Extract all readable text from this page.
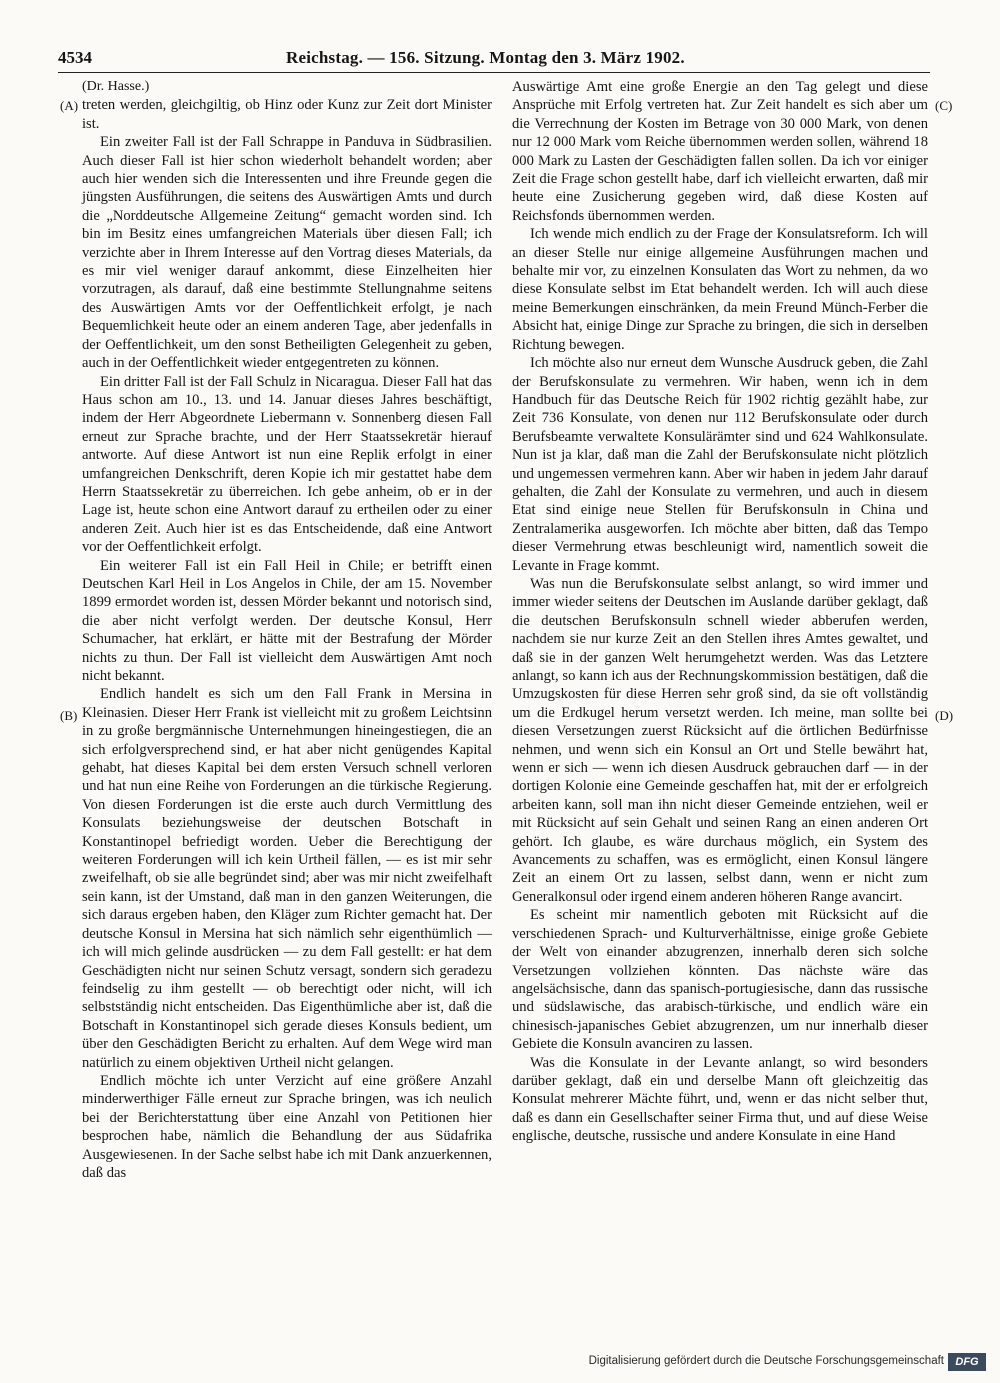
4534	Reichstag. — 156. Sitzung. Montag den 3. März 1902.
(A)
(B)
(C)
(D)
(Dr. Hasse.)

treten werden, gleichgiltig, ob Hinz oder Kunz zur Zeit dort Minister ist.

Ein zweiter Fall ist der Fall Schrappe in Panduva in Südbrasilien. Auch dieser Fall ist hier schon wiederholt behandelt worden; aber auch hier wenden sich die Interessenten und ihre Freunde gegen die jüngsten Ausführungen, die seitens des Auswärtigen Amts und durch die „Norddeutsche Allgemeine Zeitung“ gemacht worden sind. Ich bin im Besitz eines umfangreichen Materials über diesen Fall; ich verzichte aber in Ihrem Interesse auf den Vortrag dieses Materials, da es mir viel weniger darauf ankommt, diese Einzelheiten hier vorzutragen, als darauf, daß eine bestimmte Stellungnahme seitens des Auswärtigen Amts vor der Oeffentlichkeit erfolgt, je nach Bequemlichkeit heute oder an einem anderen Tage, aber jedenfalls in der Oeffentlichkeit, um den sonst Betheiligten Gelegenheit zu geben, auch in der Oeffentlichkeit wieder entgegentreten zu können.

Ein dritter Fall ist der Fall Schulz in Nicaragua. Dieser Fall hat das Haus schon am 10., 13. und 14. Januar dieses Jahres beschäftigt, indem der Herr Abgeordnete Liebermann v. Sonnenberg diesen Fall erneut zur Sprache brachte, und der Herr Staatssekretär hierauf antworte. Auf diese Antwort ist nun eine Replik erfolgt in einer umfangreichen Denkschrift, deren Kopie ich mir gestattet habe dem Herrn Staatssekretär zu überreichen. Ich gebe anheim, ob er in der Lage ist, heute schon eine Antwort darauf zu ertheilen oder zu einer anderen Zeit. Auch hier ist es das Entscheidende, daß eine Antwort vor der Oeffentlichkeit erfolgt.

Ein weiterer Fall ist ein Fall Heil in Chile; er betrifft einen Deutschen Karl Heil in Los Angelos in Chile, der am 15. November 1899 ermordet worden ist, dessen Mörder bekannt und notorisch sind, die aber nicht verfolgt werden. Der deutsche Konsul, Herr Schumacher, hat erklärt, er hätte mit der Bestrafung der Mörder nichts zu thun. Der Fall ist vielleicht dem Auswärtigen Amt noch nicht bekannt.

Endlich handelt es sich um den Fall Frank in Mersina in Kleinasien. Dieser Herr Frank ist vielleicht mit zu großem Leichtsinn in zu große bergmännische Unternehmungen hineingestiegen, die an sich erfolgversprechend sind, er hat aber nicht genügendes Kapital gehabt, hat dieses Kapital bei dem ersten Versuch schnell verloren und hat nun eine Reihe von Forderungen an die türkische Regierung. Von diesen Forderungen ist die erste auch durch Vermittlung des Konsulats beziehungsweise der deutschen Botschaft in Konstantinopel befriedigt worden. Ueber die Berechtigung der weiteren Forderungen will ich kein Urtheil fällen, — es ist mir sehr zweifelhaft, ob sie alle begründet sind; aber was mir nicht zweifelhaft sein kann, ist der Umstand, daß man in den ganzen Weiterungen, die sich daraus ergeben haben, den Kläger zum Richter gemacht hat. Der deutsche Konsul in Mersina hat sich nämlich sehr eigenthümlich — ich will mich gelinde ausdrücken — zu dem Fall gestellt: er hat dem Geschädigten nicht nur seinen Schutz versagt, sondern sich geradezu feindselig zu ihm gestellt — ob berechtigt oder nicht, will ich selbstständig nicht entscheiden. Das Eigenthümliche aber ist, daß die Botschaft in Konstantinopel sich gerade dieses Konsuls bedient, um über den Geschädigten Bericht zu erhalten. Auf dem Wege wird man natürlich zu einem objektiven Urtheil nicht gelangen.

Endlich möchte ich unter Verzicht auf eine größere Anzahl minderwerthiger Fälle erneut zur Sprache bringen, was ich neulich bei der Berichterstattung über eine Anzahl von Petitionen hier besprochen habe, nämlich die Behandlung der aus Südafrika Ausgewiesenen. In der Sache selbst habe ich mit Dank anzuerkennen, daß das

Auswärtige Amt eine große Energie an den Tag gelegt und diese Ansprüche mit Erfolg vertreten hat. Zur Zeit handelt es sich aber um die Verrechnung der Kosten im Betrage von 30 000 Mark, von denen nur 12 000 Mark vom Reiche übernommen werden sollen, während 18 000 Mark zu Lasten der Geschädigten fallen sollen. Da ich vor einiger Zeit die Frage schon gestellt habe, darf ich vielleicht erwarten, daß mir heute eine Zusicherung gegeben wird, daß diese Kosten auf Reichsfonds übernommen werden.

Ich wende mich endlich zu der Frage der Konsulatsreform. Ich will an dieser Stelle nur einige allgemeine Ausführungen machen und behalte mir vor, zu einzelnen Konsulaten das Wort zu nehmen, da wo diese Konsulate selbst im Etat behandelt werden. Ich will auch diese meine Bemerkungen einschränken, da mein Freund Münch-Ferber die Absicht hat, einige Dinge zur Sprache zu bringen, die sich in derselben Richtung bewegen.

Ich möchte also nur erneut dem Wunsche Ausdruck geben, die Zahl der Berufskonsulate zu vermehren. Wir haben, wenn ich in dem Handbuch für das Deutsche Reich für 1902 richtig gezählt habe, zur Zeit 736 Konsulate, von denen nur 112 Berufskonsulate oder durch Berufsbeamte verwaltete Konsulärämter sind und 624 Wahlkonsulate. Nun ist ja klar, daß man die Zahl der Berufskonsulate nicht plötzlich und ungemessen vermehren kann. Aber wir haben in jedem Jahr darauf gehalten, die Zahl der Konsulate zu vermehren, und auch in diesem Etat sind einige neue Stellen für Berufskonsuln in China und Zentralamerika ausgeworfen. Ich möchte aber bitten, daß das Tempo dieser Vermehrung etwas beschleunigt wird, namentlich soweit die Levante in Frage kommt.

Was nun die Berufskonsulate selbst anlangt, so wird immer und immer wieder seitens der Deutschen im Auslande darüber geklagt, daß die deutschen Berufskonsuln schnell wieder abberufen werden, nachdem sie nur kurze Zeit an den Stellen ihres Amtes gewaltet, und daß sie in der ganzen Welt herumgehetzt werden. Was das Letztere anlangt, so kann ich aus der Rechnungskommission bestätigen, daß die Umzugskosten für diese Herren sehr groß sind, da sie oft vollständig um die Erdkugel herum versetzt werden. Ich meine, man sollte bei diesen Versetzungen zuerst Rücksicht auf die örtlichen Bedürfnisse nehmen, und wenn sich ein Konsul an Ort und Stelle bewährt hat, wenn er sich — wenn ich diesen Ausdruck gebrauchen darf — in der dortigen Kolonie eine Gemeinde geschaffen hat, mit der er erfolgreich arbeiten kann, soll man ihn nicht dieser Gemeinde entziehen, weil er mit Rücksicht auf sein Gehalt und seinen Rang an einen anderen Ort gehört. Ich glaube, es wäre durchaus möglich, ein System des Avancements zu schaffen, was es ermöglicht, einen Konsul längere Zeit an einem Ort zu lassen, selbst dann, wenn er nicht zum Generalkonsul oder irgend einem anderen höheren Range avancirt.

Es scheint mir namentlich geboten mit Rücksicht auf die verschiedenen Sprach- und Kulturverhältnisse, einige große Gebiete der Welt von einander abzugrenzen, innerhalb deren sich solche Versetzungen vollziehen könnten. Das nächste wäre das angelsächsische, dann das spanisch-portugiesische, dann das russische und südslawische, das arabisch-türkische, und endlich wäre ein chinesisch-japanisches Gebiet abzugrenzen, um nur innerhalb dieser Gebiete die Konsuln avanciren zu lassen.

Was die Konsulate in der Levante anlangt, so wird besonders darüber geklagt, daß ein und derselbe Mann oft gleichzeitig das Konsulat mehrerer Mächte führt, und, wenn er das nicht selber thut, daß es dann ein Gesellschafter seiner Firma thut, und auf diese Weise englische, deutsche, russische und andere Konsulate in eine Hand

Digitalisierung gefördert durch die Deutsche Forschungsgemeinschaft	DFG
